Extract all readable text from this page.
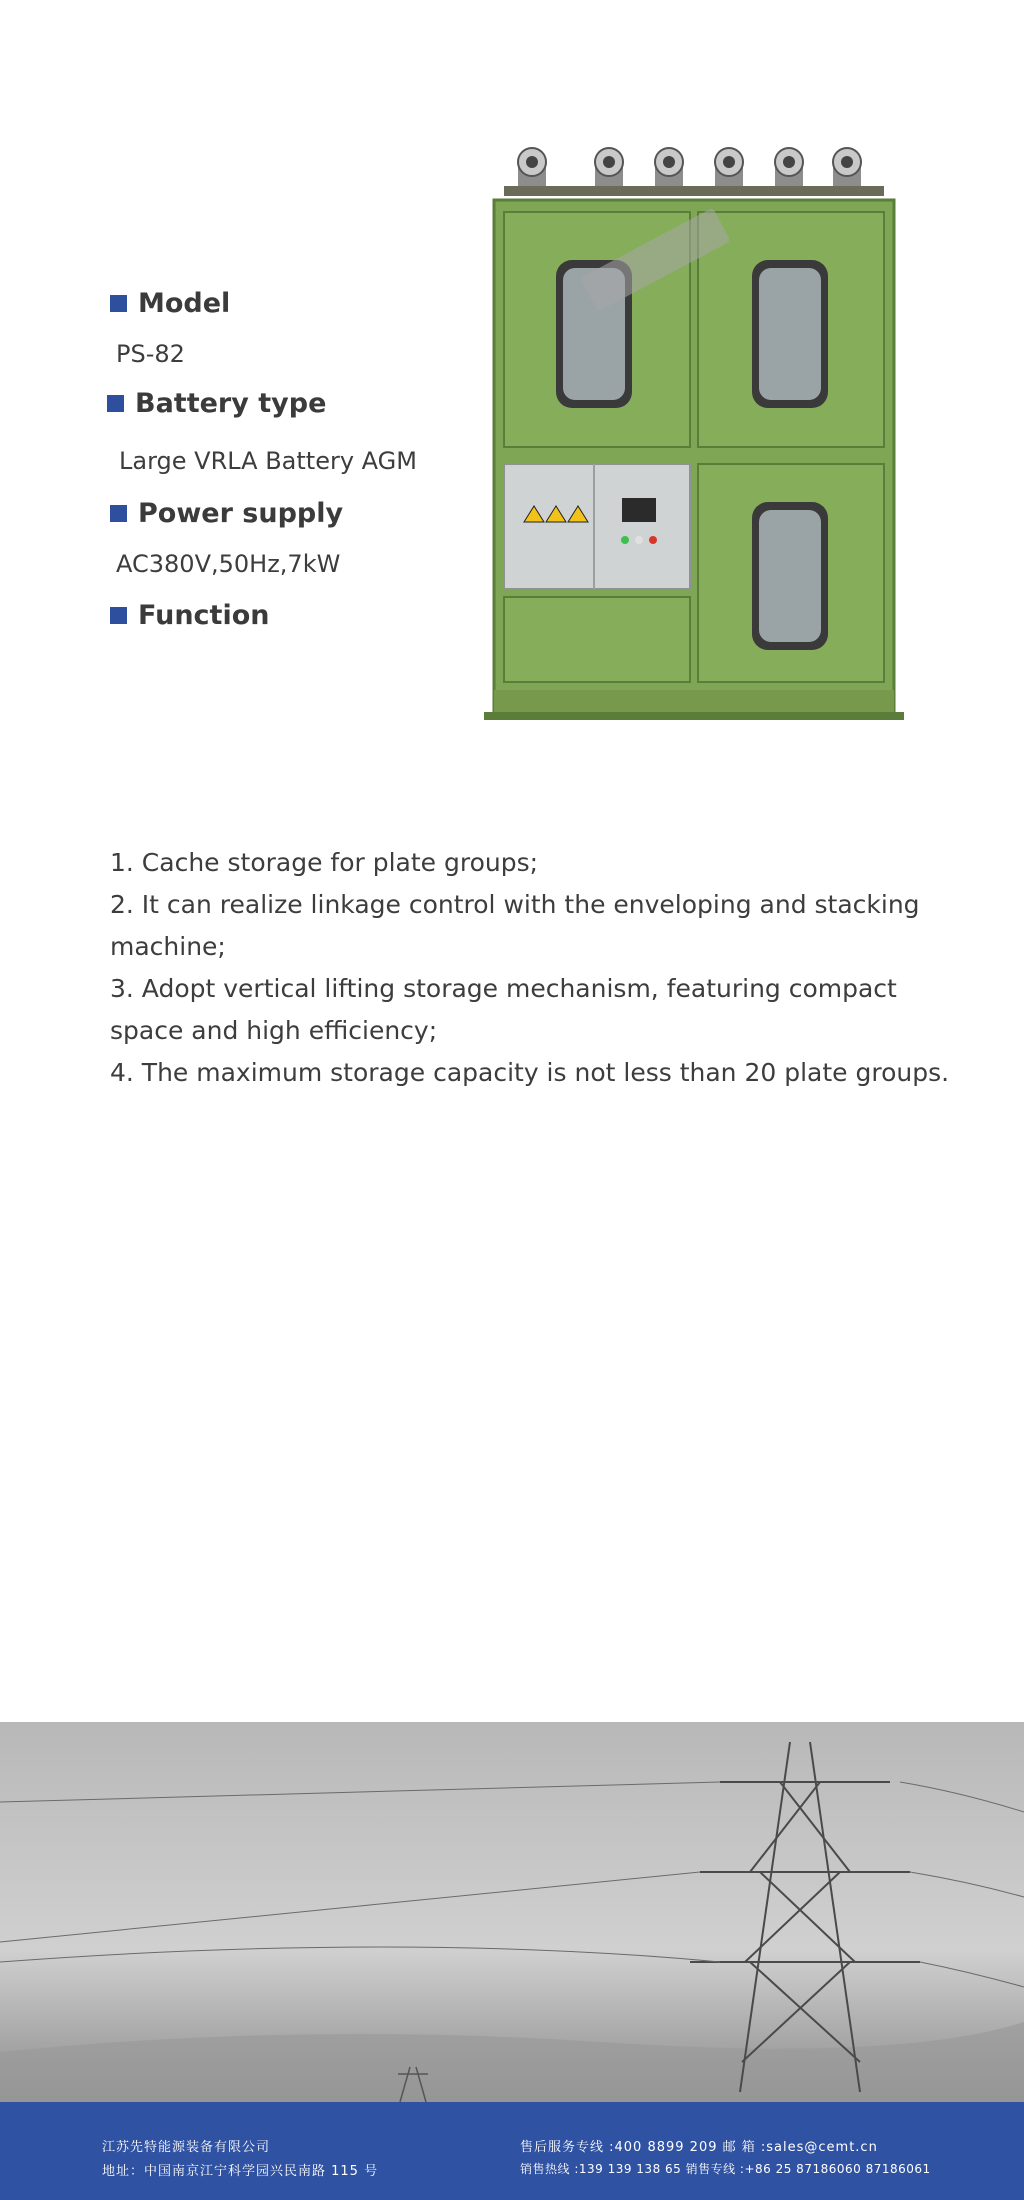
Model
PS-82
Battery type
Large VRLA Battery AGM
Power supply
AC380V,50Hz,7kW
Function

1. Cache storage for plate groups;

2. It can realize linkage control with the enveloping and stacking machine;

3. Adopt vertical lifting storage mechanism, featuring compact space and high efficiency;

4. The maximum storage capacity is not less than 20 plate groups.

江苏先特能源装备有限公司
地址：中国南京江宁科学园兴民南路 115 号
售后服务专线 :400 8899 209 邮 箱 :sales@cemt.cn
销售热线 :139 139 138 65 销售专线 :+86 25 87186060 87186061
